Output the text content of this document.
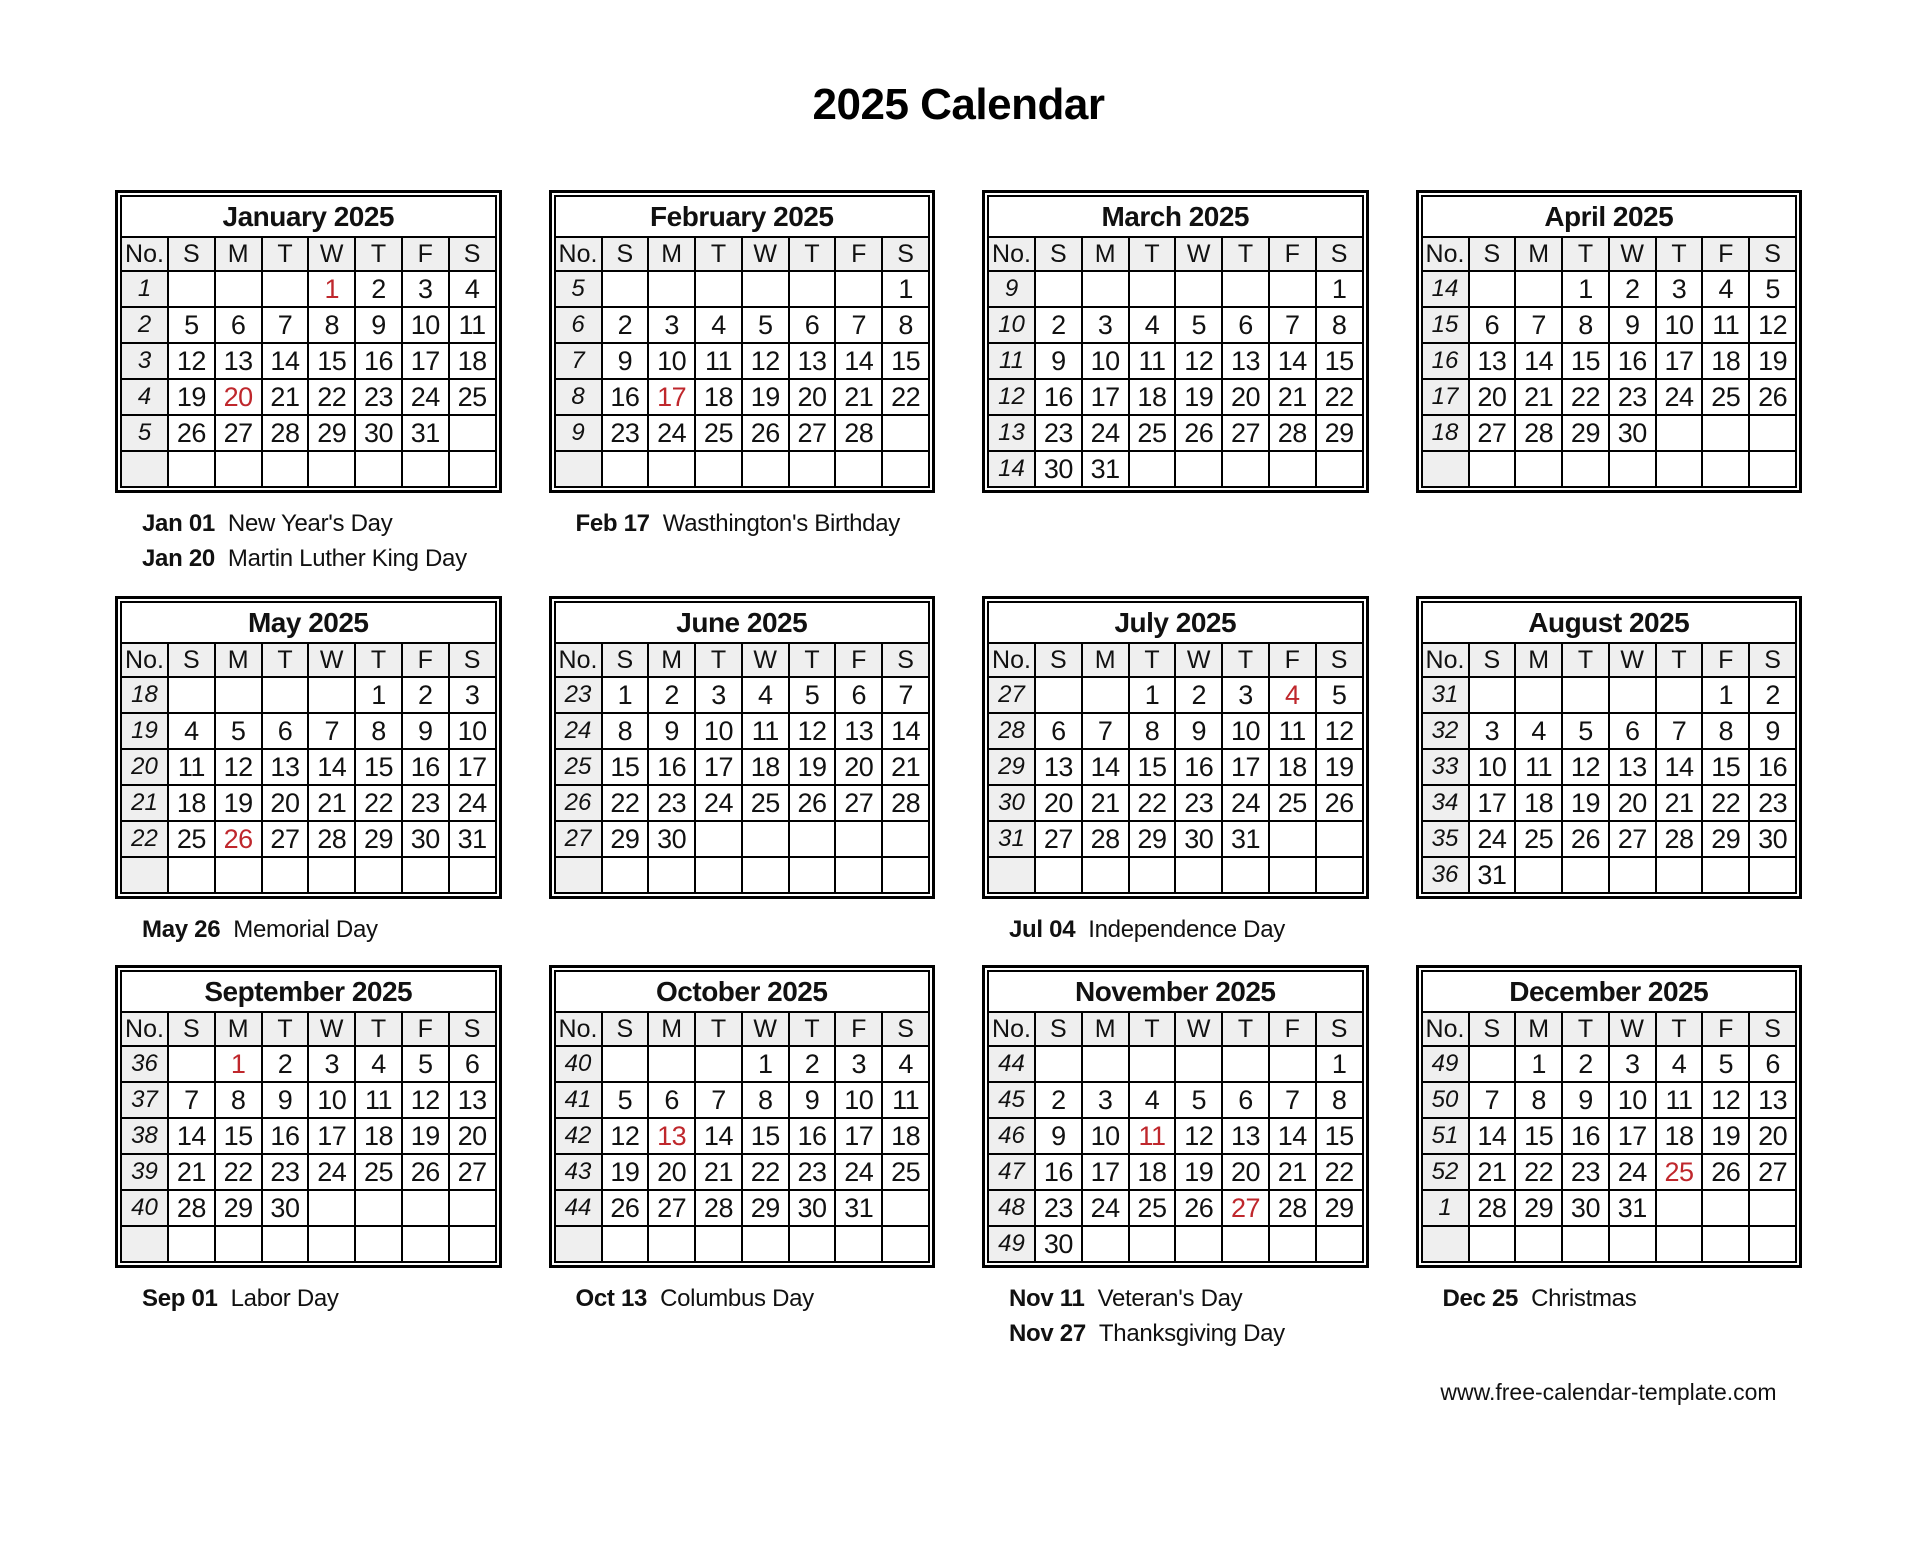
2025 Calendar
January 2025							
No.	S	M	T	W	T	F	S
1				1	2	3	4
2	5	6	7	8	9	10	11
3	12	13	14	15	16	17	18
4	19	20	21	22	23	24	25
5	26	27	28	29	30	31	

Jan 01 New Year's Day
Jan 20 Martin Luther King Day
February 2025							
No.	S	M	T	W	T	F	S
5							1
6	2	3	4	5	6	7	8
7	9	10	11	12	13	14	15
8	16	17	18	19	20	21	22
9	23	24	25	26	27	28	

Feb 17 Wasthington's Birthday
March 2025							
No.	S	M	T	W	T	F	S
9							1
10	2	3	4	5	6	7	8
11	9	10	11	12	13	14	15
12	16	17	18	19	20	21	22
13	23	24	25	26	27	28	29
14	30	31					
April 2025							
No.	S	M	T	W	T	F	S
14			1	2	3	4	5
15	6	7	8	9	10	11	12
16	13	14	15	16	17	18	19
17	20	21	22	23	24	25	26
18	27	28	29	30			

May 2025							
No.	S	M	T	W	T	F	S
18					1	2	3
19	4	5	6	7	8	9	10
20	11	12	13	14	15	16	17
21	18	19	20	21	22	23	24
22	25	26	27	28	29	30	31

May 26 Memorial Day
June 2025							
No.	S	M	T	W	T	F	S
23	1	2	3	4	5	6	7
24	8	9	10	11	12	13	14
25	15	16	17	18	19	20	21
26	22	23	24	25	26	27	28
27	29	30					

July 2025							
No.	S	M	T	W	T	F	S
27			1	2	3	4	5
28	6	7	8	9	10	11	12
29	13	14	15	16	17	18	19
30	20	21	22	23	24	25	26
31	27	28	29	30	31		

Jul 04 Independence Day
August 2025							
No.	S	M	T	W	T	F	S
31						1	2
32	3	4	5	6	7	8	9
33	10	11	12	13	14	15	16
34	17	18	19	20	21	22	23
35	24	25	26	27	28	29	30
36	31						
September 2025							
No.	S	M	T	W	T	F	S
36		1	2	3	4	5	6
37	7	8	9	10	11	12	13
38	14	15	16	17	18	19	20
39	21	22	23	24	25	26	27
40	28	29	30				

Sep 01 Labor Day
October 2025							
No.	S	M	T	W	T	F	S
40				1	2	3	4
41	5	6	7	8	9	10	11
42	12	13	14	15	16	17	18
43	19	20	21	22	23	24	25
44	26	27	28	29	30	31	

Oct 13 Columbus Day
November 2025							
No.	S	M	T	W	T	F	S
44							1
45	2	3	4	5	6	7	8
46	9	10	11	12	13	14	15
47	16	17	18	19	20	21	22
48	23	24	25	26	27	28	29
49	30						
Nov 11 Veteran's Day
Nov 27 Thanksgiving Day
December 2025							
No.	S	M	T	W	T	F	S
49		1	2	3	4	5	6
50	7	8	9	10	11	12	13
51	14	15	16	17	18	19	20
52	21	22	23	24	25	26	27
1	28	29	30	31			

Dec 25 Christmas
www.free-calendar-template.com
